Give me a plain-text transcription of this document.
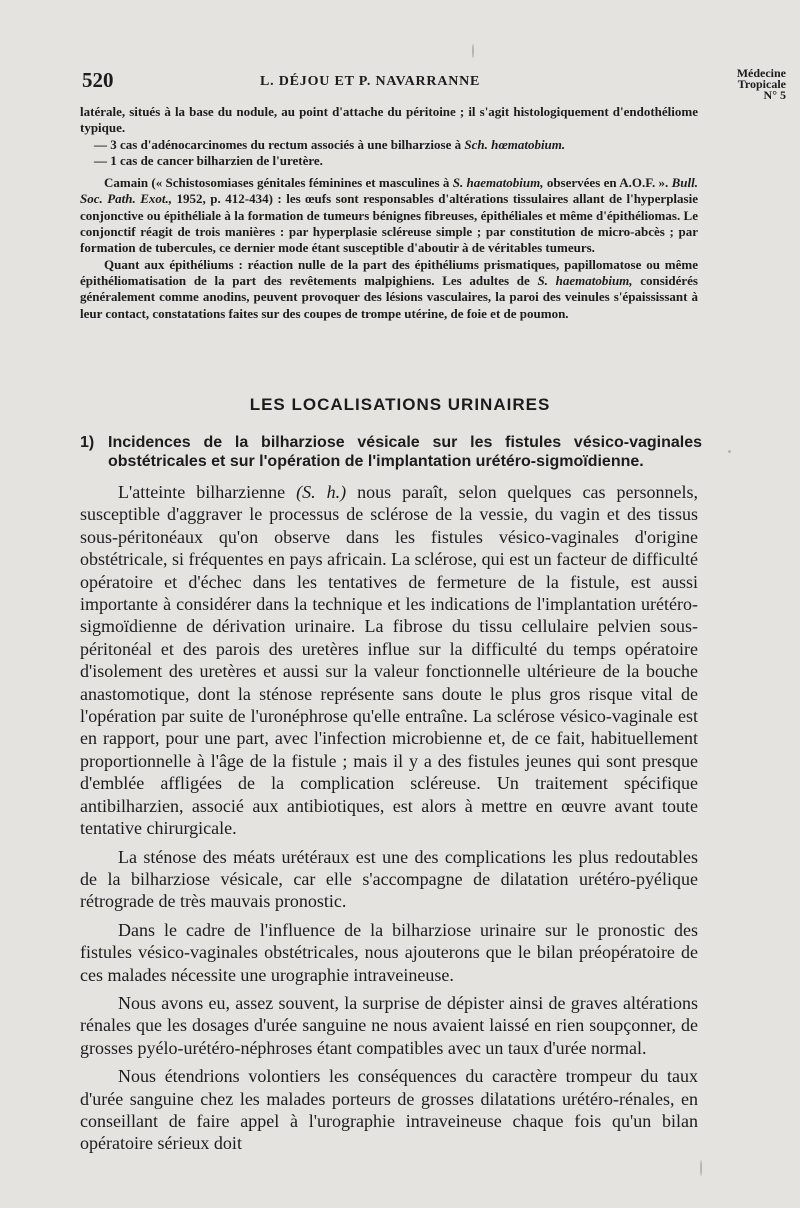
520	L. DÉJOU ET P. NAVARRANNE
Médecine
Tropicale
N° 5

latérale, situés à la base du nodule, au point d'attache du péritoine ; il s'agit histologiquement d'endothéliome typique.

— 3 cas d'adénocarcinomes du rectum associés à une bilharziose à Sch. hœmatobium.

— 1 cas de cancer bilharzien de l'uretère.

Camain (« Schistosomiases génitales féminines et masculines à S. haematobium, observées en A.O.F. ». Bull. Soc. Path. Exot., 1952, p. 412-434) : les œufs sont responsables d'altérations tissulaires allant de l'hyperplasie conjonctive ou épithéliale à la formation de tumeurs bénignes fibreuses, épithéliales et même d'épithéliomas. Le conjonctif réagit de trois manières : par hyperplasie scléreuse simple ; par constitution de micro-abcès ; par formation de tubercules, ce dernier mode étant susceptible d'aboutir à de véritables tumeurs.

Quant aux épithéliums : réaction nulle de la part des épithéliums prismatiques, papillomatose ou même épithéliomatisation de la part des revêtements malpighiens. Les adultes de S. haematobium, considérés généralement comme anodins, peuvent provoquer des lésions vasculaires, la paroi des veinules s'épaississant à leur contact, constatations faites sur des coupes de trompe utérine, de foie et de poumon.

LES LOCALISATIONS URINAIRES
1) Incidences de la bilharziose vésicale sur les fistules vésico-vaginales obstétricales et sur l'opération de l'implantation urétéro-sigmoïdienne.

L'atteinte bilharzienne (S. h.) nous paraît, selon quelques cas personnels, susceptible d'aggraver le processus de sclérose de la vessie, du vagin et des tissus sous-péritonéaux qu'on observe dans les fistules vésico-vaginales d'origine obstétricale, si fréquentes en pays africain. La sclérose, qui est un facteur de difficulté opératoire et d'échec dans les tentatives de fermeture de la fistule, est aussi importante à considérer dans la technique et les indications de l'implantation urétéro-sigmoïdienne de dérivation urinaire. La fibrose du tissu cellulaire pelvien sous-péritonéal et des parois des uretères influe sur la difficulté du temps opératoire d'isolement des uretères et aussi sur la valeur fonctionnelle ultérieure de la bouche anastomotique, dont la sténose représente sans doute le plus gros risque vital de l'opération par suite de l'uronéphrose qu'elle entraîne. La sclérose vésico-vaginale est en rapport, pour une part, avec l'infection microbienne et, de ce fait, habituellement proportionnelle à l'âge de la fistule ; mais il y a des fistules jeunes qui sont presque d'emblée affligées de la complication scléreuse. Un traitement spécifique antibilharzien, associé aux antibiotiques, est alors à mettre en œuvre avant toute tentative chirurgicale.

La sténose des méats urétéraux est une des complications les plus redoutables de la bilharziose vésicale, car elle s'accompagne de dilatation urétéro-pyélique rétrograde de très mauvais pronostic.

Dans le cadre de l'influence de la bilharziose urinaire sur le pronostic des fistules vésico-vaginales obstétricales, nous ajouterons que le bilan préopératoire de ces malades nécessite une urographie intraveineuse.

Nous avons eu, assez souvent, la surprise de dépister ainsi de graves altérations rénales que les dosages d'urée sanguine ne nous avaient laissé en rien soupçonner, de grosses pyélo-urétéro-néphroses étant compatibles avec un taux d'urée normal.

Nous étendrions volontiers les conséquences du caractère trompeur du taux d'urée sanguine chez les malades porteurs de grosses dilatations urétéro-rénales, en conseillant de faire appel à l'urographie intraveineuse chaque fois qu'un bilan opératoire sérieux doit
